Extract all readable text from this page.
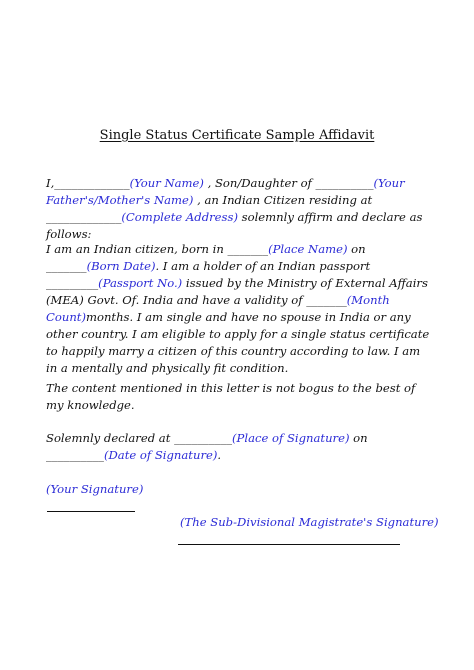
Single Status Certificate Sample Affidavit
I,_____________(Your Name) , Son/Daughter of __________(Your Father's/Mother's Name) , an Indian Citizen residing at _____________(Complete Address) solemnly affirm and declare as follows:
I am an Indian citizen, born in _______(Place Name) on _______(Born Date). I am a holder of an Indian passport _________(Passport No.) issued by the Ministry of External Affairs (MEA) Govt. Of. India and have a validity of _______(Month Count)months. I am single and have no spouse in India or any other country. I am eligible to apply for a single status certificate to happily marry a citizen of this country according to law. I am in a mentally and physically fit condition.
The content mentioned in this letter is not bogus to the best of my knowledge.
Solemnly declared at __________(Place of Signature) on __________(Date of Signature).
(Your Signature)
(The Sub-Divisional Magistrate's Signature)
